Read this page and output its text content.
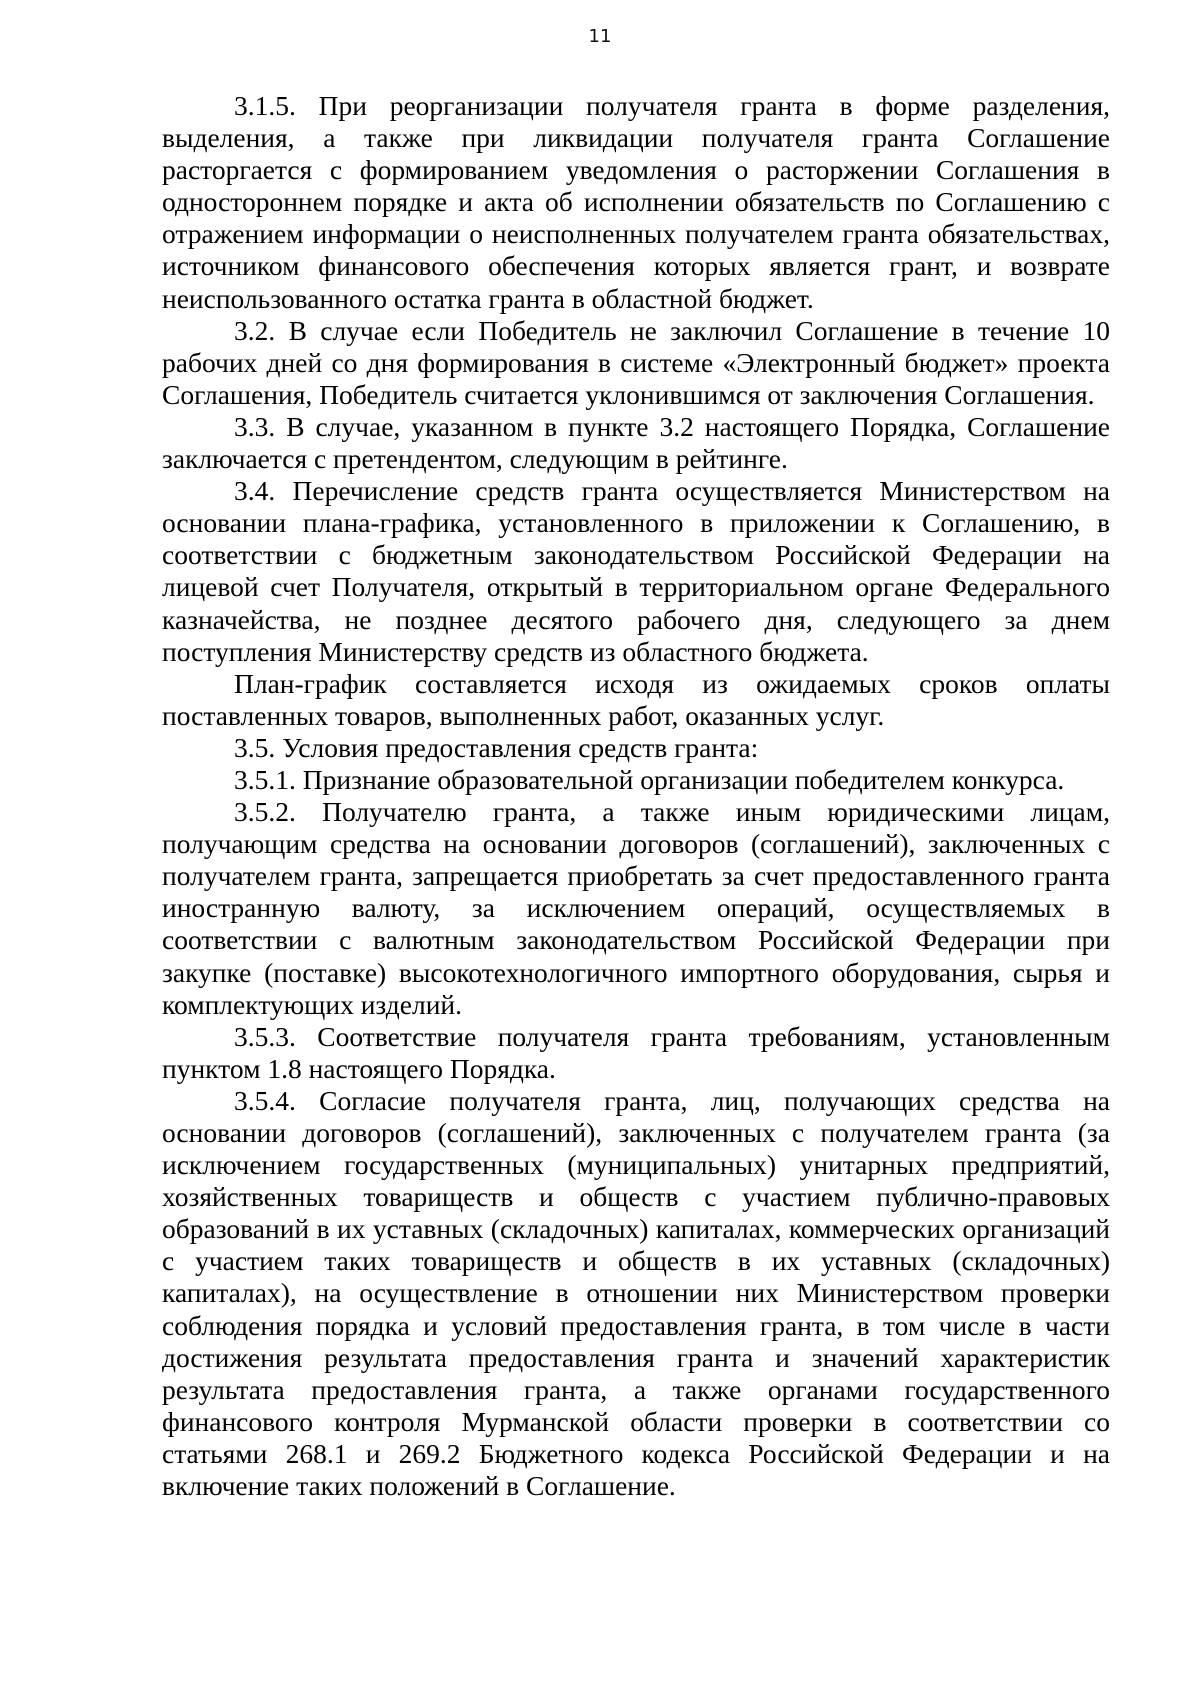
11

3.1.5. При реорганизации получателя гранта в форме разделения, выделения, а также при ликвидации получателя гранта Соглашение расторгается с формированием уведомления о расторжении Соглашения в одностороннем порядке и акта об исполнении обязательств по Соглашению с отражением информации о неисполненных получателем гранта обязательствах, источником финансового обеспечения которых является грант, и возврате неиспользованного остатка гранта в областной бюджет.

3.2. В случае если Победитель не заключил Соглашение в течение 10 рабочих дней со дня формирования в системе «Электронный бюджет» проекта Соглашения, Победитель считается уклонившимся от заключения Соглашения.

3.3. В случае, указанном в пункте 3.2 настоящего Порядка, Соглашение заключается с претендентом, следующим в рейтинге.

3.4. Перечисление средств гранта осуществляется Министерством на основании плана-графика, установленного в приложении к Соглашению, в соответствии с бюджетным законодательством Российской Федерации на лицевой счет Получателя, открытый в территориальном органе Федерального казначейства, не позднее десятого рабочего дня, следующего за днем поступления Министерству средств из областного бюджета.

План-график составляется исходя из ожидаемых сроков оплаты поставленных товаров, выполненных работ, оказанных услуг.

3.5. Условия предоставления средств гранта:

3.5.1. Признание образовательной организации победителем конкурса.

3.5.2. Получателю гранта, а также иным юридическими лицам, получающим средства на основании договоров (соглашений), заключенных с получателем гранта, запрещается приобретать за счет предоставленного гранта иностранную валюту, за исключением операций, осуществляемых в соответствии с валютным законодательством Российской Федерации при закупке (поставке) высокотехнологичного импортного оборудования, сырья и комплектующих изделий.

3.5.3. Соответствие получателя гранта требованиям, установленным пунктом 1.8 настоящего Порядка.

3.5.4. Согласие получателя гранта, лиц, получающих средства на основании договоров (соглашений), заключенных с получателем гранта (за исключением государственных (муниципальных) унитарных предприятий, хозяйственных товариществ и обществ с участием публично-правовых образований в их уставных (складочных) капиталах, коммерческих организаций с участием таких товариществ и обществ в их уставных (складочных) капиталах), на осуществление в отношении них Министерством проверки соблюдения порядка и условий предоставления гранта, в том числе в части достижения результата предоставления гранта и значений характеристик результата предоставления гранта, а также органами государственного финансового контроля Мурманской области проверки в соответствии со статьями 268.1 и 269.2 Бюджетного кодекса Российской Федерации и на включение таких положений в Соглашение.
